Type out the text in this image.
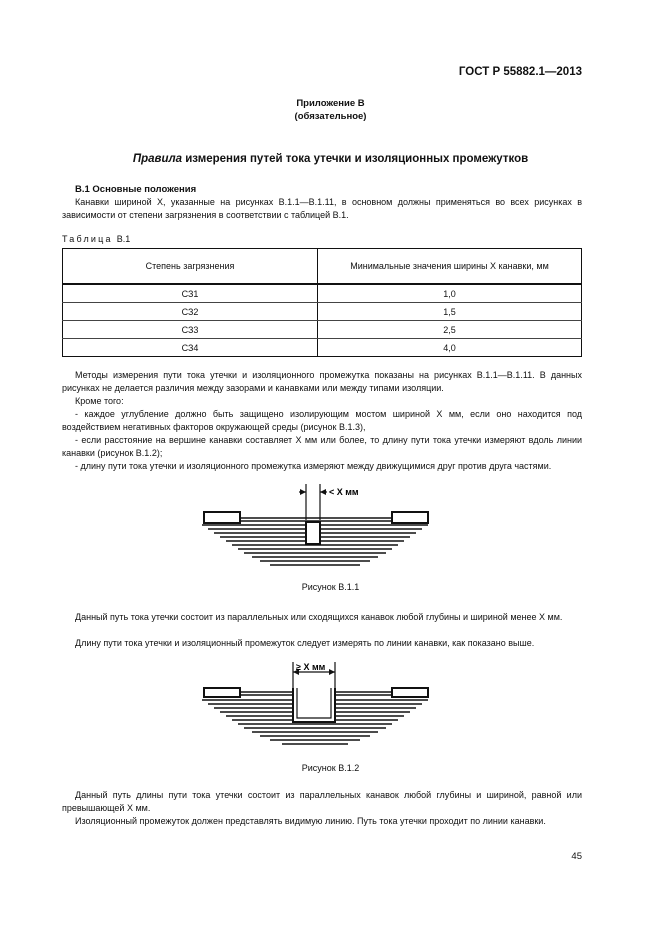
ГОСТ Р 55882.1—2013
Приложение В
(обязательное)
Правила измерения путей тока утечки и изоляционных промежутков
В.1 Основные положения
Канавки шириной X, указанные на рисунках В.1.1—В.1.11, в основном должны применяться во всех рисунках в зависимости от степени загрязнения в соответствии с таблицей В.1.
Таблица В.1
Степень загрязнения	Минимальные значения ширины X канавки, мм
СЗ1	1,0
СЗ2	1,5
СЗ3	2,5
СЗ4	4,0
Методы измерения пути тока утечки и изоляционного промежутка показаны на рисунках В.1.1—В.1.11. В данных рисунках не делается различия между зазорами и канавками или между типами изоляции.
Кроме того:
- каждое углубление должно быть защищено изолирующим мостом шириной X мм, если оно находится под воздействием негативных факторов окружающей среды (рисунок В.1.3),
- если расстояние на вершине канавки составляет X мм или более, то длину пути тока утечки измеряют вдоль линии канавки (рисунок В.1.2);
- длину пути тока утечки и изоляционного промежутка измеряют между движущимися друг против друга частями.
< X мм
Рисунок В.1.1
Данный путь тока утечки состоит из параллельных или сходящихся канавок любой глубины и шириной менее X мм.
Длину пути тока утечки и изоляционный промежуток следует измерять по линии канавки, как показано выше.
≥ X мм
Рисунок В.1.2
Данный путь длины пути тока утечки состоит из параллельных канавок любой глубины и шириной, равной или превышающей X мм.
Изоляционный промежуток должен представлять видимую линию. Путь тока утечки проходит по линии канавки.
45
